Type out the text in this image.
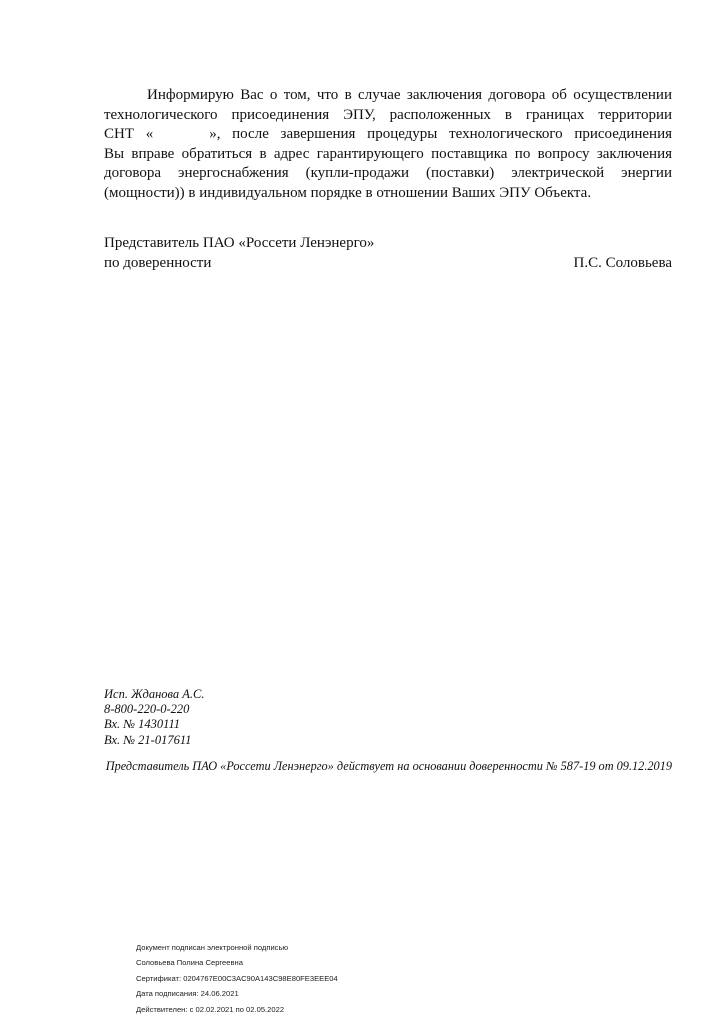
Информирую Вас о том, что в случае заключения договора об осуществлении
технологического присоединения ЭПУ, расположенных в границах территории
СНТ «	», после завершения процедуры технологического присоединения
Вы вправе обратиться в адрес гарантирующего поставщика по вопросу заключения
договора энергоснабжения (купли-продажи (поставки) электрической энергии
(мощности)) в индивидуальном порядке в отношении Ваших ЭПУ Объекта.
Представитель ПАО «Россети Ленэнерго»
по доверенности	П.С. Соловьева
Исп. Жданова А.С.
8-800-220-0-220
Вх. № 1430111
Вх. № 21-017611
Представитель ПАО «Россети Ленэнерго» действует на основании доверенности № 587-19 от 09.12.2019
Документ подписан электронной подписью
Соловьева Полина Сергеевна
Сертификат: 0204767E00C3AC90A143C98E80FE3EEE04
Дата подписания: 24.06.2021
Действителен: с 02.02.2021 по 02.05.2022
